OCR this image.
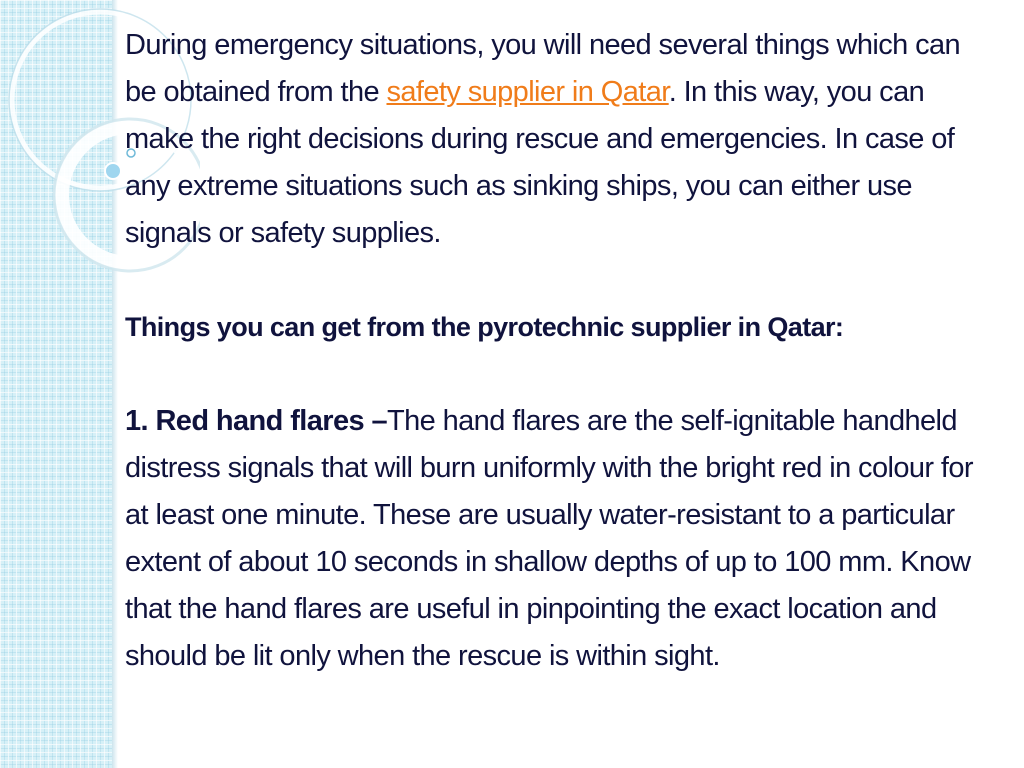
During emergency situations, you will need several things which can be obtained from the safety supplier in Qatar. In this way, you can make the right decisions during rescue and emergencies. In case of any extreme situations such as sinking ships, you can either use signals or safety supplies.

Things you can get from the pyrotechnic supplier in Qatar:

1. Red hand flares –The hand flares are the self-ignitable handheld distress signals that will burn uniformly with the bright red in colour for at least one minute. These are usually water-resistant to a particular extent of about 10 seconds in shallow depths of up to 100 mm. Know that the hand flares are useful in pinpointing the exact location and should be lit only when the rescue is within sight.
